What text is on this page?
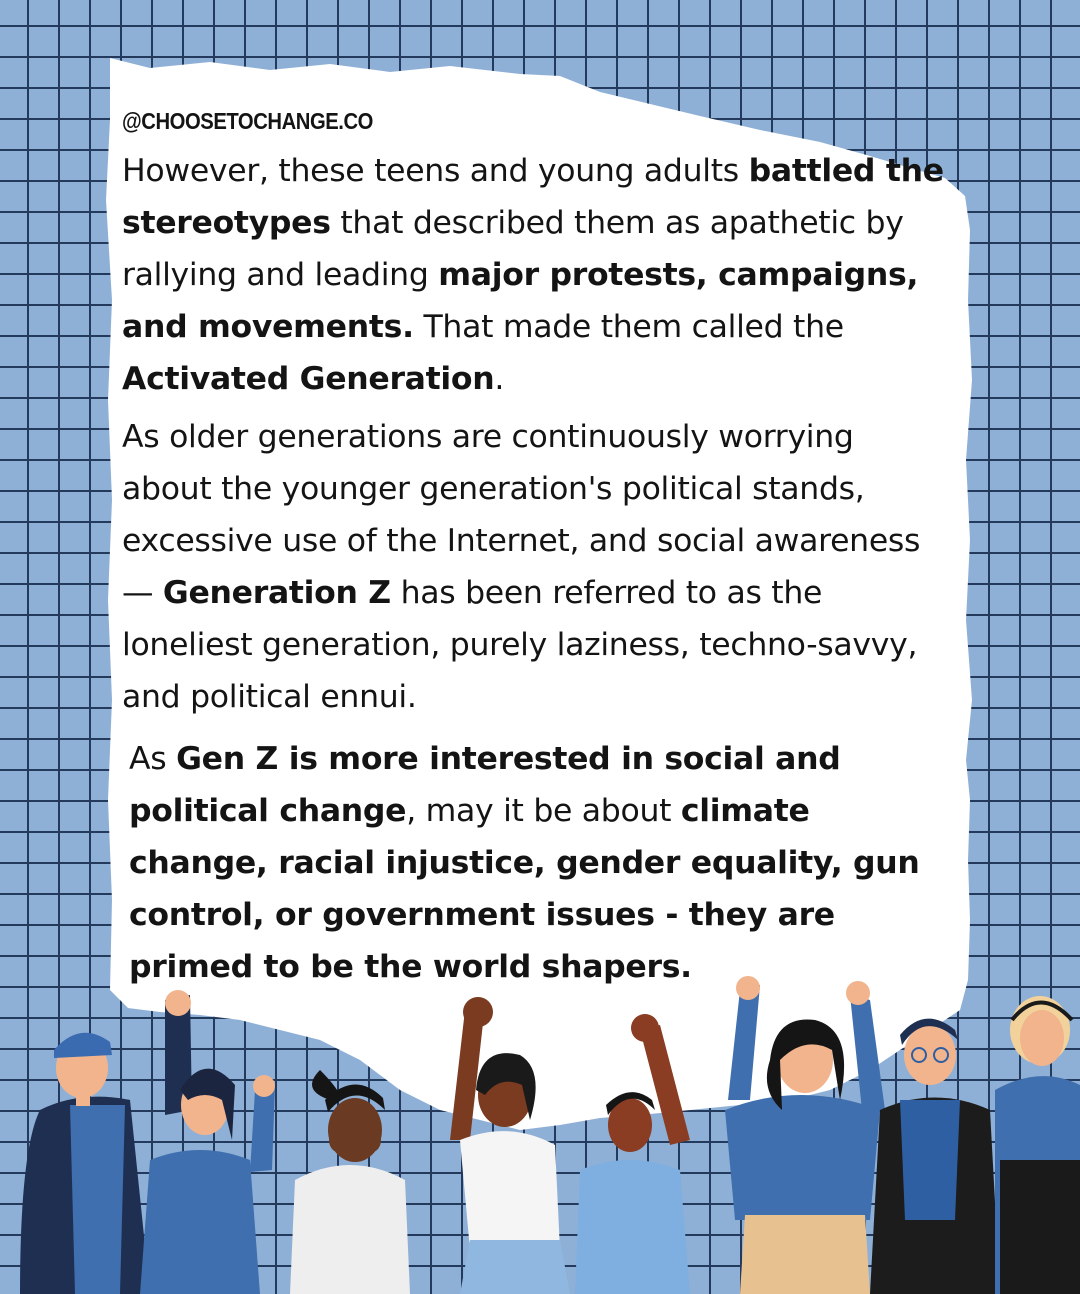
@CHOOSETOCHANGE.CO

However, these teens and young adults battled the stereotypes that described them as apathetic by rallying and leading major protests, campaigns, and movements. That made them called the Activated Generation.

As older generations are continuously worrying about the younger generation's political stands, excessive use of the Internet, and social awareness — Generation Z has been referred to as the loneliest generation, purely laziness, techno-savvy, and political ennui.

As Gen Z is more interested in social and political change, may it be about climate change, racial injustice, gender equality, gun control, or government issues - they are primed to be the world shapers.
